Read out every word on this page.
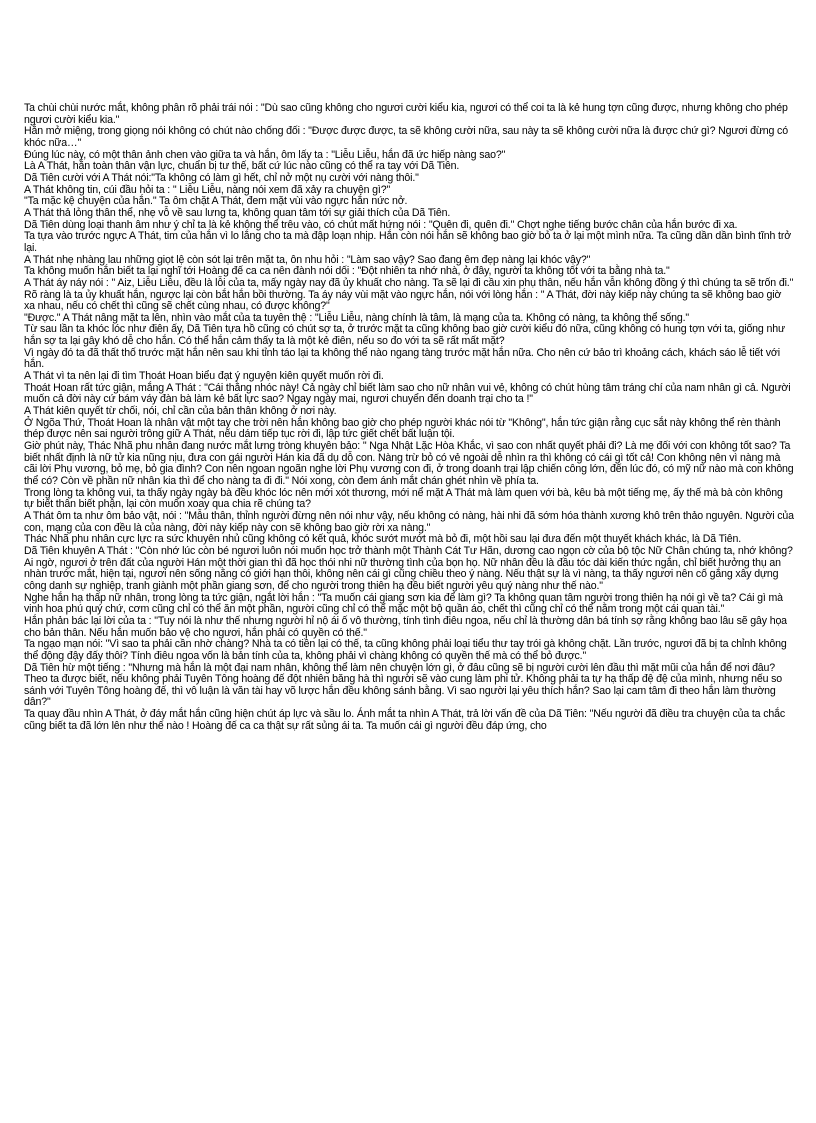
Ta chùi chùi nước mắt, không phân rõ phải trái nói : "Dù sao cũng không cho ngươi cười kiểu kia, ngươi có thể coi ta là kẻ hung tợn cũng được, nhưng không cho phép ngươi cười kiểu kia."

Hắn mở miệng, trong giọng nói không có chút nào chống đối : "Được được được, ta sẽ không cười nữa, sau này ta sẽ không cười nữa là được chứ gì? Ngươi đừng có khóc nữa…"

Đúng lúc này, có một thân ảnh chen vào giữa ta và hắn, ôm lấy ta : "Liễu Liễu, hắn đã ức hiếp nàng sao?"

Là A Thát, hắn toàn thân vận lực, chuẩn bị tư thế, bất cứ lúc nào cũng có thể ra tay với Dã Tiên.

Dã Tiên cười với A Thát nói:"Ta không có làm gì hết, chỉ nở một nụ cười với nàng thôi."

A Thát không tin, cúi đầu hỏi ta : " Liễu Liễu, nàng nói xem đã xảy ra chuyện gì?"

"Ta mặc kệ chuyện của hắn." Ta ôm chặt A Thát, đem mặt vùi vào ngực hắn nức nở.

A Thát thả lỏng thân thể, nhẹ vỗ về sau lưng ta, không quan tâm tới sự giải thích của Dã Tiên.

Dã Tiên dùng loại thanh âm như ý chỉ ta là kẻ không thể trêu vào, có chút mất hứng nói : "Quên đi, quên đi." Chợt nghe tiếng bước chân của hắn bước đi xa.

Ta tựa vào trước ngực A Thát, tim của hắn vì lo lắng cho ta mà đập loạn nhịp. Hắn còn nói hắn sẽ không bao giờ bỏ ta ở lại một mình nữa. Ta cũng dần dần bình tĩnh trở lại.

A Thát nhẹ nhàng lau những giọt lệ còn sót lại trên mặt ta, ôn nhu hỏi : "Làm sao vậy? Sao đang êm đẹp nàng lại khóc vậy?"

Ta không muốn hắn biết ta lại nghĩ tới Hoàng đế ca ca nên đành nói dối : "Đột nhiên ta nhớ nhà, ở đây, người ta không tốt với ta bằng nhà ta."

A Thát áy náy nói : " Aiz, Liễu Liễu, đều là lỗi của ta, mấy ngày nay đã ủy khuất cho nàng. Ta sẽ lại đi cầu xin phụ thân, nếu hắn vẫn không đồng ý thì chúng ta sẽ trốn đi."

Rõ ràng là ta ủy khuất hắn, ngược lại còn bắt hắn bồi thường. Ta áy náy vùi mặt vào ngực hắn, nói với lòng hắn : " A Thát, đời này kiếp này chúng ta sẽ không bao giờ xa nhau, nếu có chết thì cũng sẽ chết cùng nhau, có được không?"

"Được." A Thát nâng mặt ta lên, nhìn vào mắt của ta tuyên thệ : "Liễu Liễu, nàng chính là tâm, là mạng của ta. Không có nàng, ta không thể sống."

Từ sau lần ta khóc lóc như điên ấy, Dã Tiên tựa hồ cũng có chút sợ ta, ở trước mặt ta cũng không bao giờ cười kiểu đó nữa, cũng không có hung tợn với ta, giống như hắn sợ ta lại gây khó dễ cho hắn. Có thể hắn cảm thấy ta là một kẻ điên, nếu so đo với ta sẽ rất mất mặt?

Vì ngày đó ta đã thất thố trước mặt hắn nên sau khi tỉnh táo lại ta không thể nào ngang tàng trước mặt hắn nữa. Cho nên cứ bảo trì khoảng cách, khách sáo lễ tiết với hắn.

A Thát vì ta nên lại đi tìm Thoát Hoan biểu đạt ý nguyện kiên quyết muốn rời đi.

Thoát Hoan rất tức giận, mắng A Thát : "Cái thằng nhóc này! Cả ngày chỉ biết làm sao cho nữ nhân vui vẻ, không có chút hùng tâm tráng chí của nam nhân gì cả. Người muốn cả đời này cứ bám váy đàn bà làm kẻ bất lực sao? Ngay ngày mai, ngươi chuyển đến doanh trại cho ta !"

A Thát kiên quyết từ chối, nói, chỉ cần của bản thân không ở nơi này.

Ở Ngõa Thứ, Thoát Hoan là nhân vật một tay che trời nên hắn không bao giờ cho phép người khác nói từ "Không", hắn tức giận rằng cục sắt này không thể rèn thành thép được nên sai người trông giữ A Thát, nếu dám tiếp tục rời đi, lập tức giết chết bất luận tội.

Giờ phút này, Thác Nhã phu nhân đang nước mắt lưng tròng khuyên bảo: " Nga Nhật Lặc Hòa Khắc, vì sao con nhất quyết phải đi? Là mẹ đối với con không tốt sao? Ta biết nhất định là nữ tử kia nũng nịu, đưa con gái người Hán kia đã dụ dỗ con. Nàng trừ bỏ có vẻ ngoài dễ nhìn ra thì không có cái gì tốt cả! Con không nên vì nàng mà cãi lời Phụ vương, bỏ mẹ, bỏ gia đình? Con nên ngoan ngoãn nghe lời Phụ vương con đi, ở trong doanh trại lập chiến công lớn, đến lúc đó, có mỹ nữ nào mà con không thể có? Còn về phần nữ nhân kia thì để cho nàng ta đi đi." Nói xong, còn đem ánh mắt chán ghét nhìn về phía ta.

Trong lòng ta không vui, ta thấy ngày ngày bà đều khóc lóc nên mới xót thương, mới nể mặt A Thát mà làm quen với bà, kêu bà một tiếng mẹ, ấy thế mà bà còn không tự biết thân biết phận, lại còn muốn xoay qua chia rẽ chúng ta?

A Thát ôm ta như ôm bảo vật, nói : "Mẫu thân, thỉnh người đừng nên nói như vậy, nếu không có nàng, hài nhi đã sớm hóa thành xương khô trên thảo nguyên. Người của con, mạng của con đều là của nàng, đời này kiếp này con sẽ không bao giờ rời xa nàng."

Thác Nhã phu nhân cực lực ra sức khuyên nhủ cũng không có kết quả, khóc sướt mướt mà bỏ đi, một hồi sau lại đưa đến một thuyết khách khác, là Dã Tiên.

Dã Tiên khuyên A Thát : "Còn nhớ lúc còn bé ngươi luôn nói muốn học trở thành một Thành Cát Tư Hãn, dương cao ngọn cờ của bộ tộc Nữ Chân chúng ta, nhớ không? Ai ngờ, ngươi ở trên đất của người Hán một thời gian thì đã học thói nhi nữ thường tình của bọn họ. Nữ nhân đều là đầu tóc dài kiến thức ngắn, chỉ biết hưởng thụ an nhàn trước mắt, hiện tại, ngươi nên sống nằng có giới hạn thôi, không nên cái gì cũng chiều theo ý nàng. Nếu thật sự là vì nàng, ta thấy ngươi nên cố gắng xây dựng công danh sự nghiệp, tranh giành một phần giang sơn, để cho người trong thiên hạ đều biết người yêu quý nàng như thế nào."

Nghe hắn hạ thấp nữ nhân, trong lòng ta tức giận, ngắt lời hắn : "Ta muốn cái giang sơn kia để làm gì? Ta không quan tâm người trong thiên hạ nói gì về ta? Cái gì mà vinh hoa phú quý chứ, cơm cũng chỉ có thể ăn một phần, người cũng chỉ có thể mặc một bộ quần áo, chết thì cũng chỉ có thể nằm trong một cái quan tài."

Hắn phản bác lại lời của ta : "Tuy nói là như thế nhưng người hỉ nộ ái ố vô thường, tính tình điêu ngoa, nếu chỉ là thường dân bá tính sợ rằng không bao lâu sẽ gây họa cho bản thân. Nếu hắn muốn bảo vệ cho ngươi, hắn phải có quyền có thế."

Ta ngạo mạn nói: "Vì sao ta phải cần nhờ chàng? Nhà ta có tiền lại có thế, ta cũng không phải loại tiểu thư tay trói gà không chặt. Lần trước, ngươi đã bị ta chỉnh không thể động đậy đấy thôi? Tính điêu ngoa vốn là bản tính của ta, không phải vì chàng không có quyền thế mà có thể bỏ được."

Dã Tiên hừ một tiếng : "Nhưng mà hắn là một đại nam nhân, không thể làm nên chuyện lớn gì, ở đâu cũng sẽ bị người cười lên đầu thì mặt mũi của hắn để nơi đâu? Theo ta được biết, nếu không phải Tuyên Tông hoàng đế đột nhiên băng hà thì người sẽ vào cung làm phi tử. Không phải ta tự hạ thấp đệ đệ của mình, nhưng nếu so sánh với Tuyên Tông hoàng đế, thì vô luận là văn tài hay võ lược hắn đều không sánh bằng. Vì sao người lại yêu thích hắn? Sao lại cam tâm đi theo hắn làm thường dân?"

Ta quay đầu nhìn A Thát, ở đáy mắt hắn cũng hiện chút áp lực và sầu lo. Ánh mắt ta nhìn A Thát, trả lời vấn đề của Dã Tiên: "Nếu người đã điều tra chuyện của ta chắc cũng biết ta đã lớn lên như thế nào ! Hoàng đế ca ca thật sự rất sủng ái ta. Ta muốn cái gì người đều đáp ứng, cho
